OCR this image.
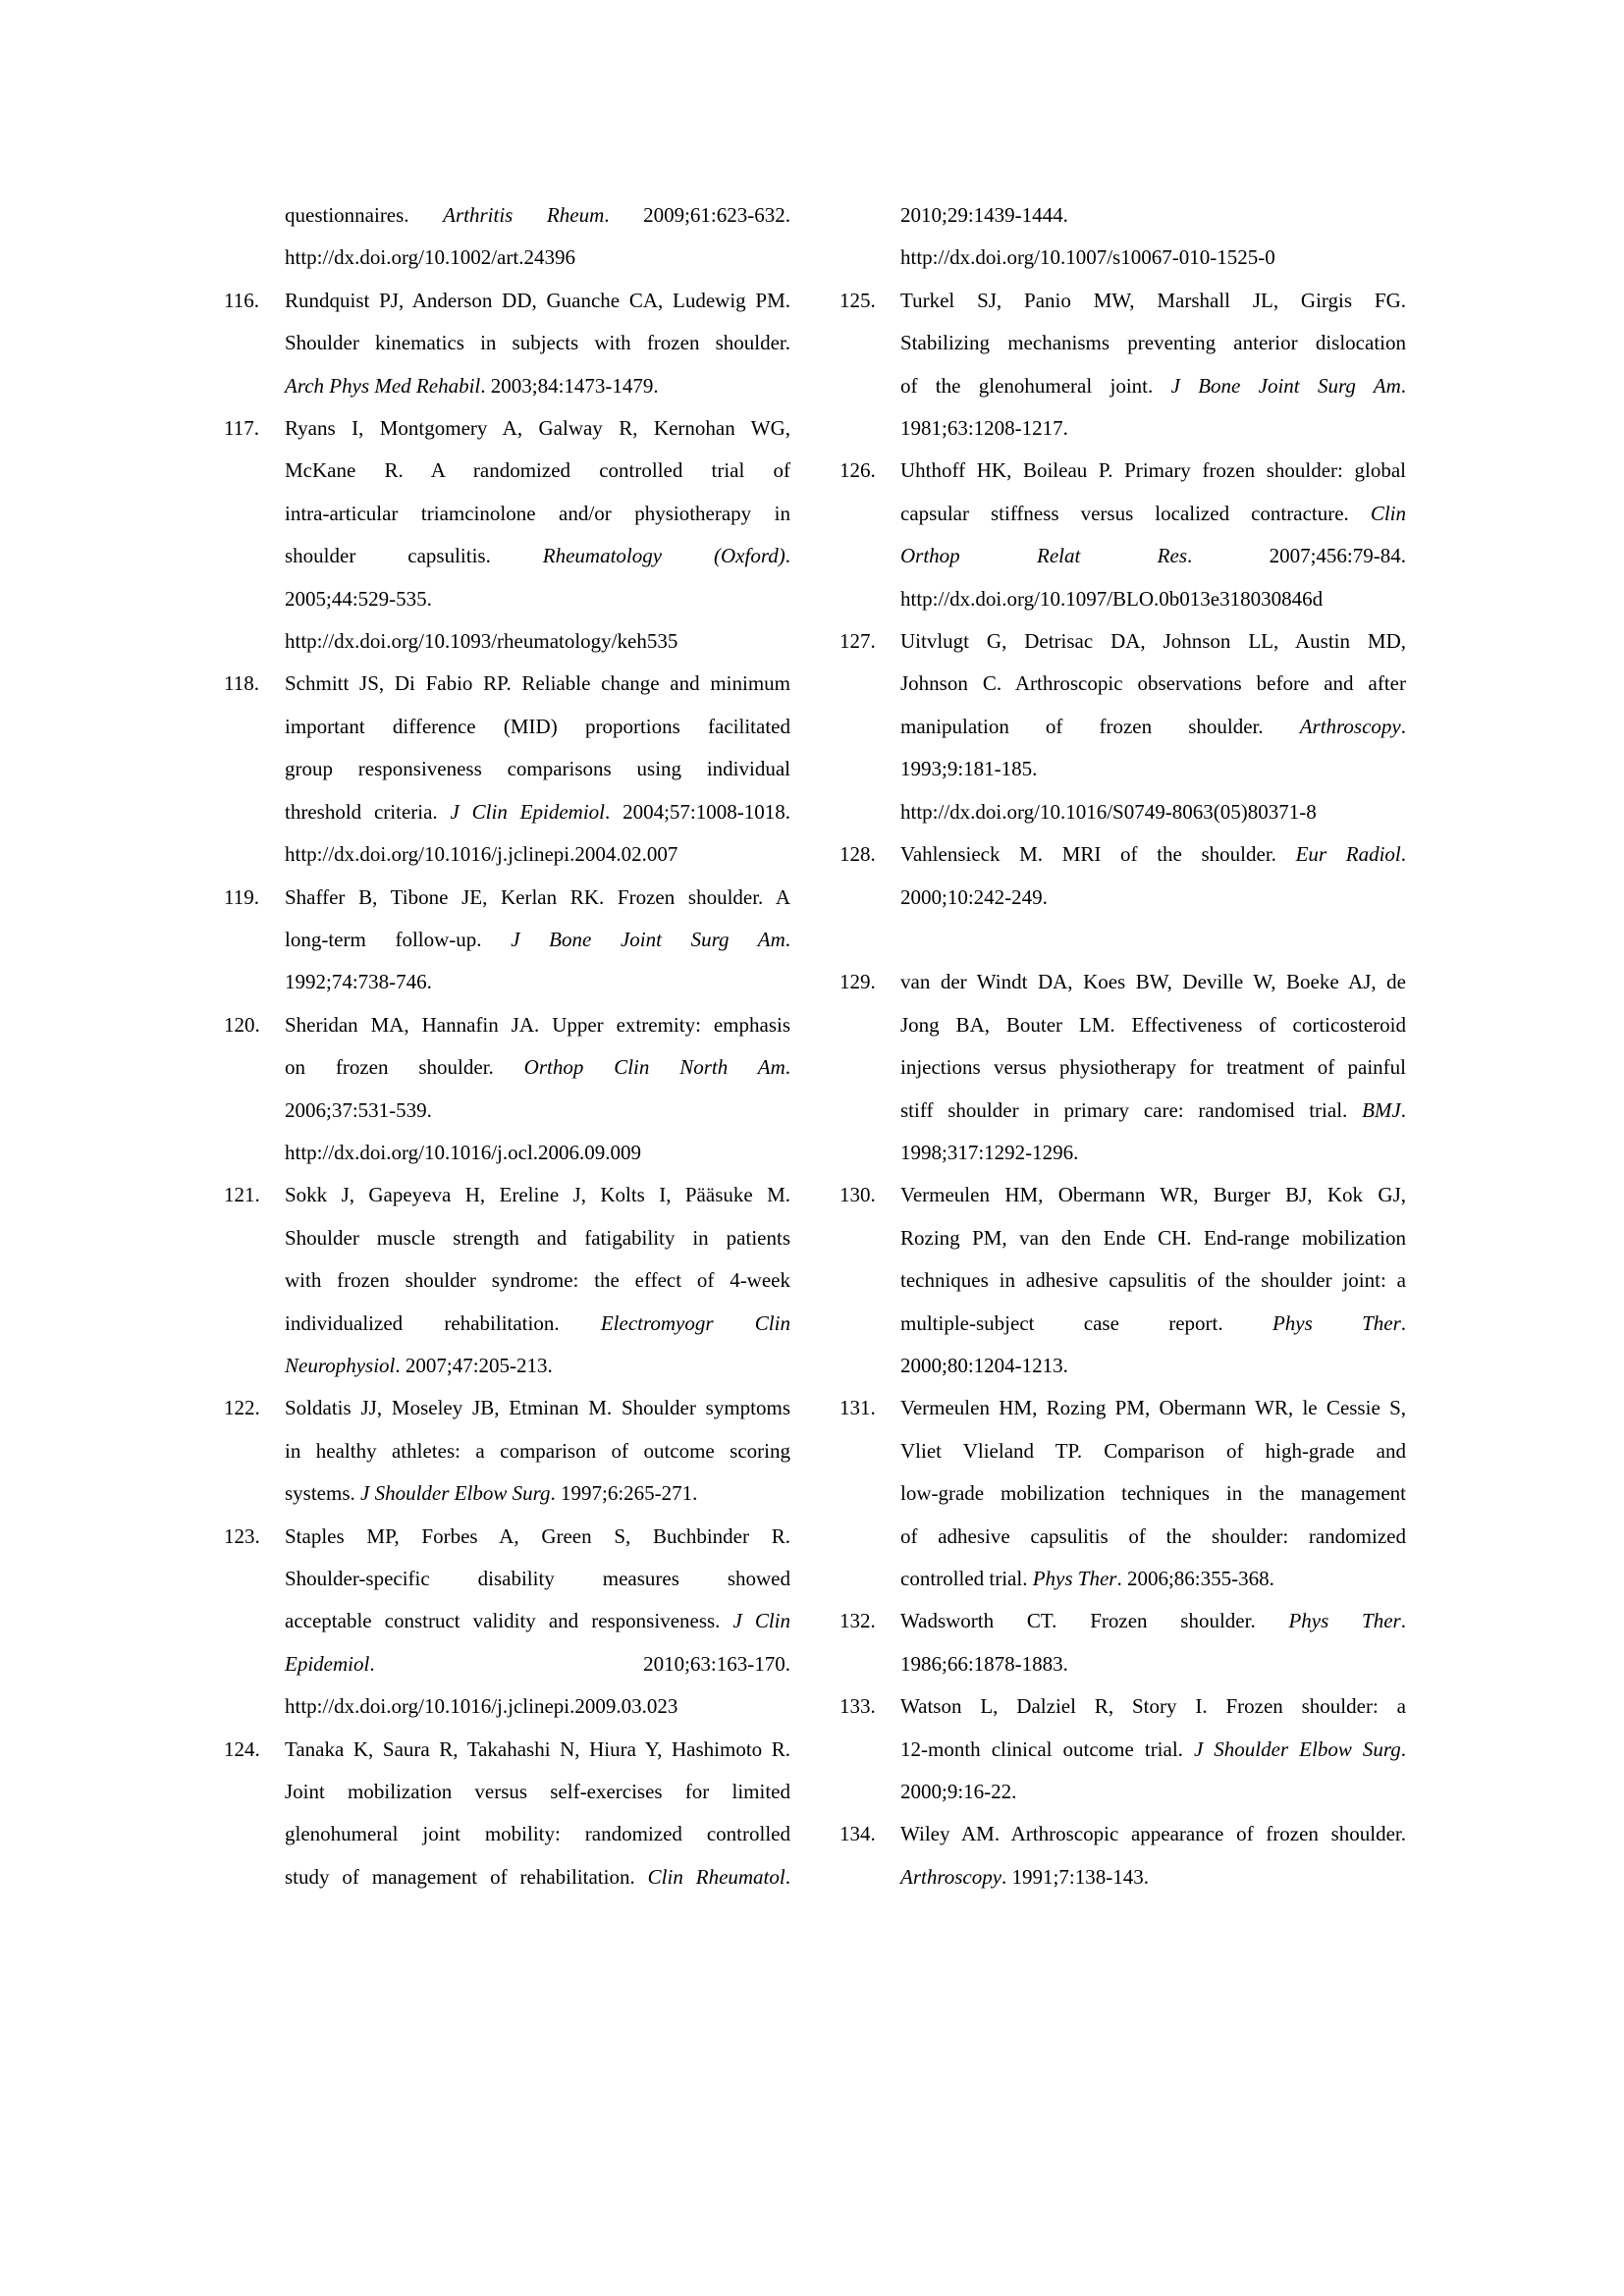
questionnaires. Arthritis Rheum. 2009;61:623-632.
http://dx.doi.org/10.1002/art.24396
116. Rundquist PJ, Anderson DD, Guanche CA, Ludewig PM.
Shoulder kinematics in subjects with frozen shoulder.
Arch Phys Med Rehabil. 2003;84:1473-1479.
117. Ryans I, Montgomery A, Galway R, Kernohan WG,
McKane R. A randomized controlled trial of
intra-articular triamcinolone and/or physiotherapy in
shoulder capsulitis. Rheumatology (Oxford).
2005;44:529-535.
http://dx.doi.org/10.1093/rheumatology/keh535
118. Schmitt JS, Di Fabio RP. Reliable change and minimum
important difference (MID) proportions facilitated
group responsiveness comparisons using individual
threshold criteria. J Clin Epidemiol. 2004;57:1008-1018.
http://dx.doi.org/10.1016/j.jclinepi.2004.02.007
119. Shaffer B, Tibone JE, Kerlan RK. Frozen shoulder. A
long-term follow-up. J Bone Joint Surg Am.
1992;74:738-746.
120. Sheridan MA, Hannafin JA. Upper extremity: emphasis
on frozen shoulder. Orthop Clin North Am.
2006;37:531-539.
http://dx.doi.org/10.1016/j.ocl.2006.09.009
121. Sokk J, Gapeyeva H, Ereline J, Kolts I, Pääsuke M.
Shoulder muscle strength and fatigability in patients
with frozen shoulder syndrome: the effect of 4-week
individualized rehabilitation. Electromyogr Clin
Neurophysiol. 2007;47:205-213.
122. Soldatis JJ, Moseley JB, Etminan M. Shoulder symptoms
in healthy athletes: a comparison of outcome scoring
systems. J Shoulder Elbow Surg. 1997;6:265-271.
123. Staples MP, Forbes A, Green S, Buchbinder R.
Shoulder-specific disability measures showed
acceptable construct validity and responsiveness. J Clin
Epidemiol. 2010;63:163-170.
http://dx.doi.org/10.1016/j.jclinepi.2009.03.023
124. Tanaka K, Saura R, Takahashi N, Hiura Y, Hashimoto R.
Joint mobilization versus self-exercises for limited
glenohumeral joint mobility: randomized controlled
study of management of rehabilitation. Clin Rheumatol.
2010;29:1439-1444.
http://dx.doi.org/10.1007/s10067-010-1525-0
125. Turkel SJ, Panio MW, Marshall JL, Girgis FG.
Stabilizing mechanisms preventing anterior dislocation
of the glenohumeral joint. J Bone Joint Surg Am.
1981;63:1208-1217.
126. Uhthoff HK, Boileau P. Primary frozen shoulder: global
capsular stiffness versus localized contracture. Clin
Orthop Relat Res. 2007;456:79-84.
http://dx.doi.org/10.1097/BLO.0b013e318030846d
127. Uitvlugt G, Detrisac DA, Johnson LL, Austin MD,
Johnson C. Arthroscopic observations before and after
manipulation of frozen shoulder. Arthroscopy.
1993;9:181-185.
http://dx.doi.org/10.1016/S0749-8063(05)80371-8
128. Vahlensieck M. MRI of the shoulder. Eur Radiol.
2000;10:242-249.
129. van der Windt DA, Koes BW, Deville W, Boeke AJ, de
Jong BA, Bouter LM. Effectiveness of corticosteroid
injections versus physiotherapy for treatment of painful
stiff shoulder in primary care: randomised trial. BMJ.
1998;317:1292-1296.
130. Vermeulen HM, Obermann WR, Burger BJ, Kok GJ,
Rozing PM, van den Ende CH. End-range mobilization
techniques in adhesive capsulitis of the shoulder joint: a
multiple-subject case report. Phys Ther.
2000;80:1204-1213.
131. Vermeulen HM, Rozing PM, Obermann WR, le Cessie S,
Vliet Vlieland TP. Comparison of high-grade and
low-grade mobilization techniques in the management
of adhesive capsulitis of the shoulder: randomized
controlled trial. Phys Ther. 2006;86:355-368.
132. Wadsworth CT. Frozen shoulder. Phys Ther.
1986;66:1878-1883.
133. Watson L, Dalziel R, Story I. Frozen shoulder: a
12-month clinical outcome trial. J Shoulder Elbow Surg.
2000;9:16-22.
134. Wiley AM. Arthroscopic appearance of frozen shoulder.
Arthroscopy. 1991;7:138-143.
